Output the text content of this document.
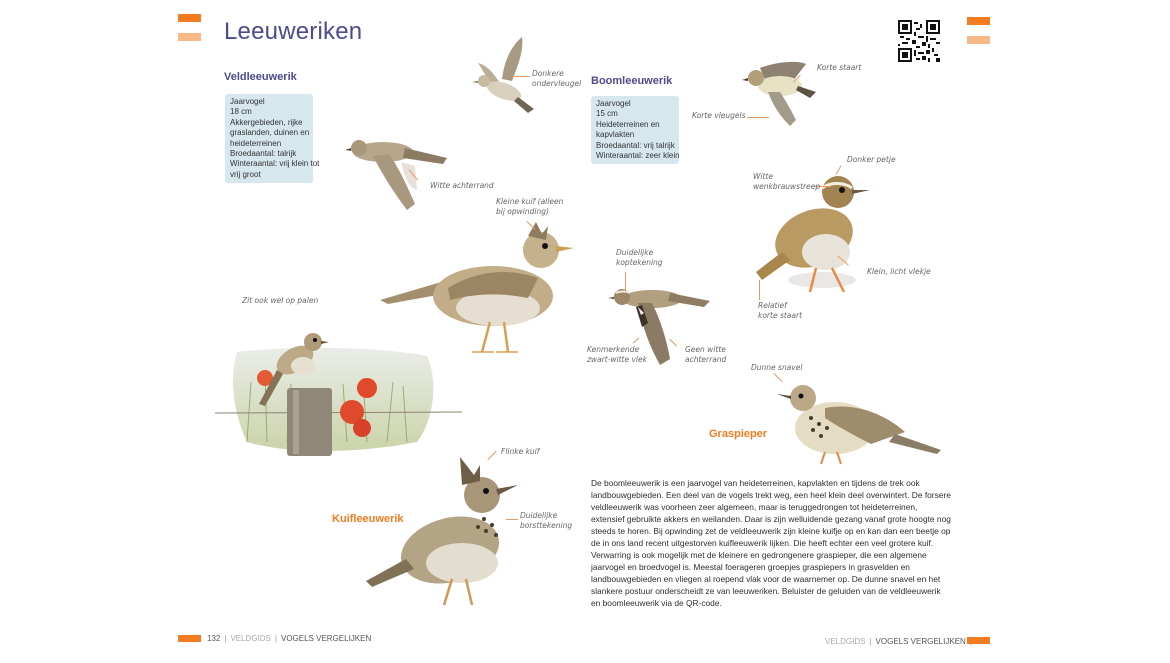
Leeuweriken
Veldleeuwerik
Jaarvogel
18 cm
Akkergebieden, rijke
graslanden, duinen en
heideterreinen
Broedaantal: talrijk
Winteraantal: vrij klein tot
vrij groot
Boomleeuwerik
Jaarvogel
15 cm
Heideterreinen en
kapvlakten
Broedaantal: vrij talrijk
Winteraantal: zeer klein
Graspieper
Kuifleeuwerik
Donkere
ondervleugel
Witte achterrand
Kleine kuif (alleen
bij opwinding)
Zit ook wel op palen
Korte staart
Korte vleugels
Donker petje
Witte
wenkbrauwstreep
Klein, licht vlekje
Relatief
korte staart
Duidelijke
koptekening
Kenmerkende
zwart-witte vlek
Geen witte
achterrand
Dunne snavel
Flinke kuif
Duidelijke
borsttekening
De boomleeuwerik is een jaarvogel van heideterreinen, kapvlakten en tijdens de trek ook landbouwgebieden. Een deel van de vogels trekt weg, een heel klein deel overwintert. De forsere veldleeuwerik was voorheen zeer algemeen, maar is teruggedrongen tot heideterreinen, extensief gebruikte akkers en weilanden. Daar is zijn welluidende gezang vanaf grote hoogte nog steeds te horen. Bij opwinding zet de veldleeuwerik zijn kleine kuifje op en kan dan een beetje op de in ons land recent uitgestorven kuifleeuwerik lijken. Die heeft echter een veel grotere kuif. Verwarring is ook mogelijk met de kleinere en gedrongenere graspieper, die een algemene jaarvogel en broedvogel is. Meestal foerageren groepjes graspiepers in grasvelden en landbouwgebieden en vliegen al roepend vlak voor de waarnemer op. De dunne snavel en het slankere postuur onderscheidt ze van leeuweriken. Beluister de geluiden van de veldleeuwerik en boomleeuwerik via de QR-code.
132 | VELDGIDS | VOGELS VERGELIJKEN	VELDGIDS | VOGELS VERGELIJKEN
